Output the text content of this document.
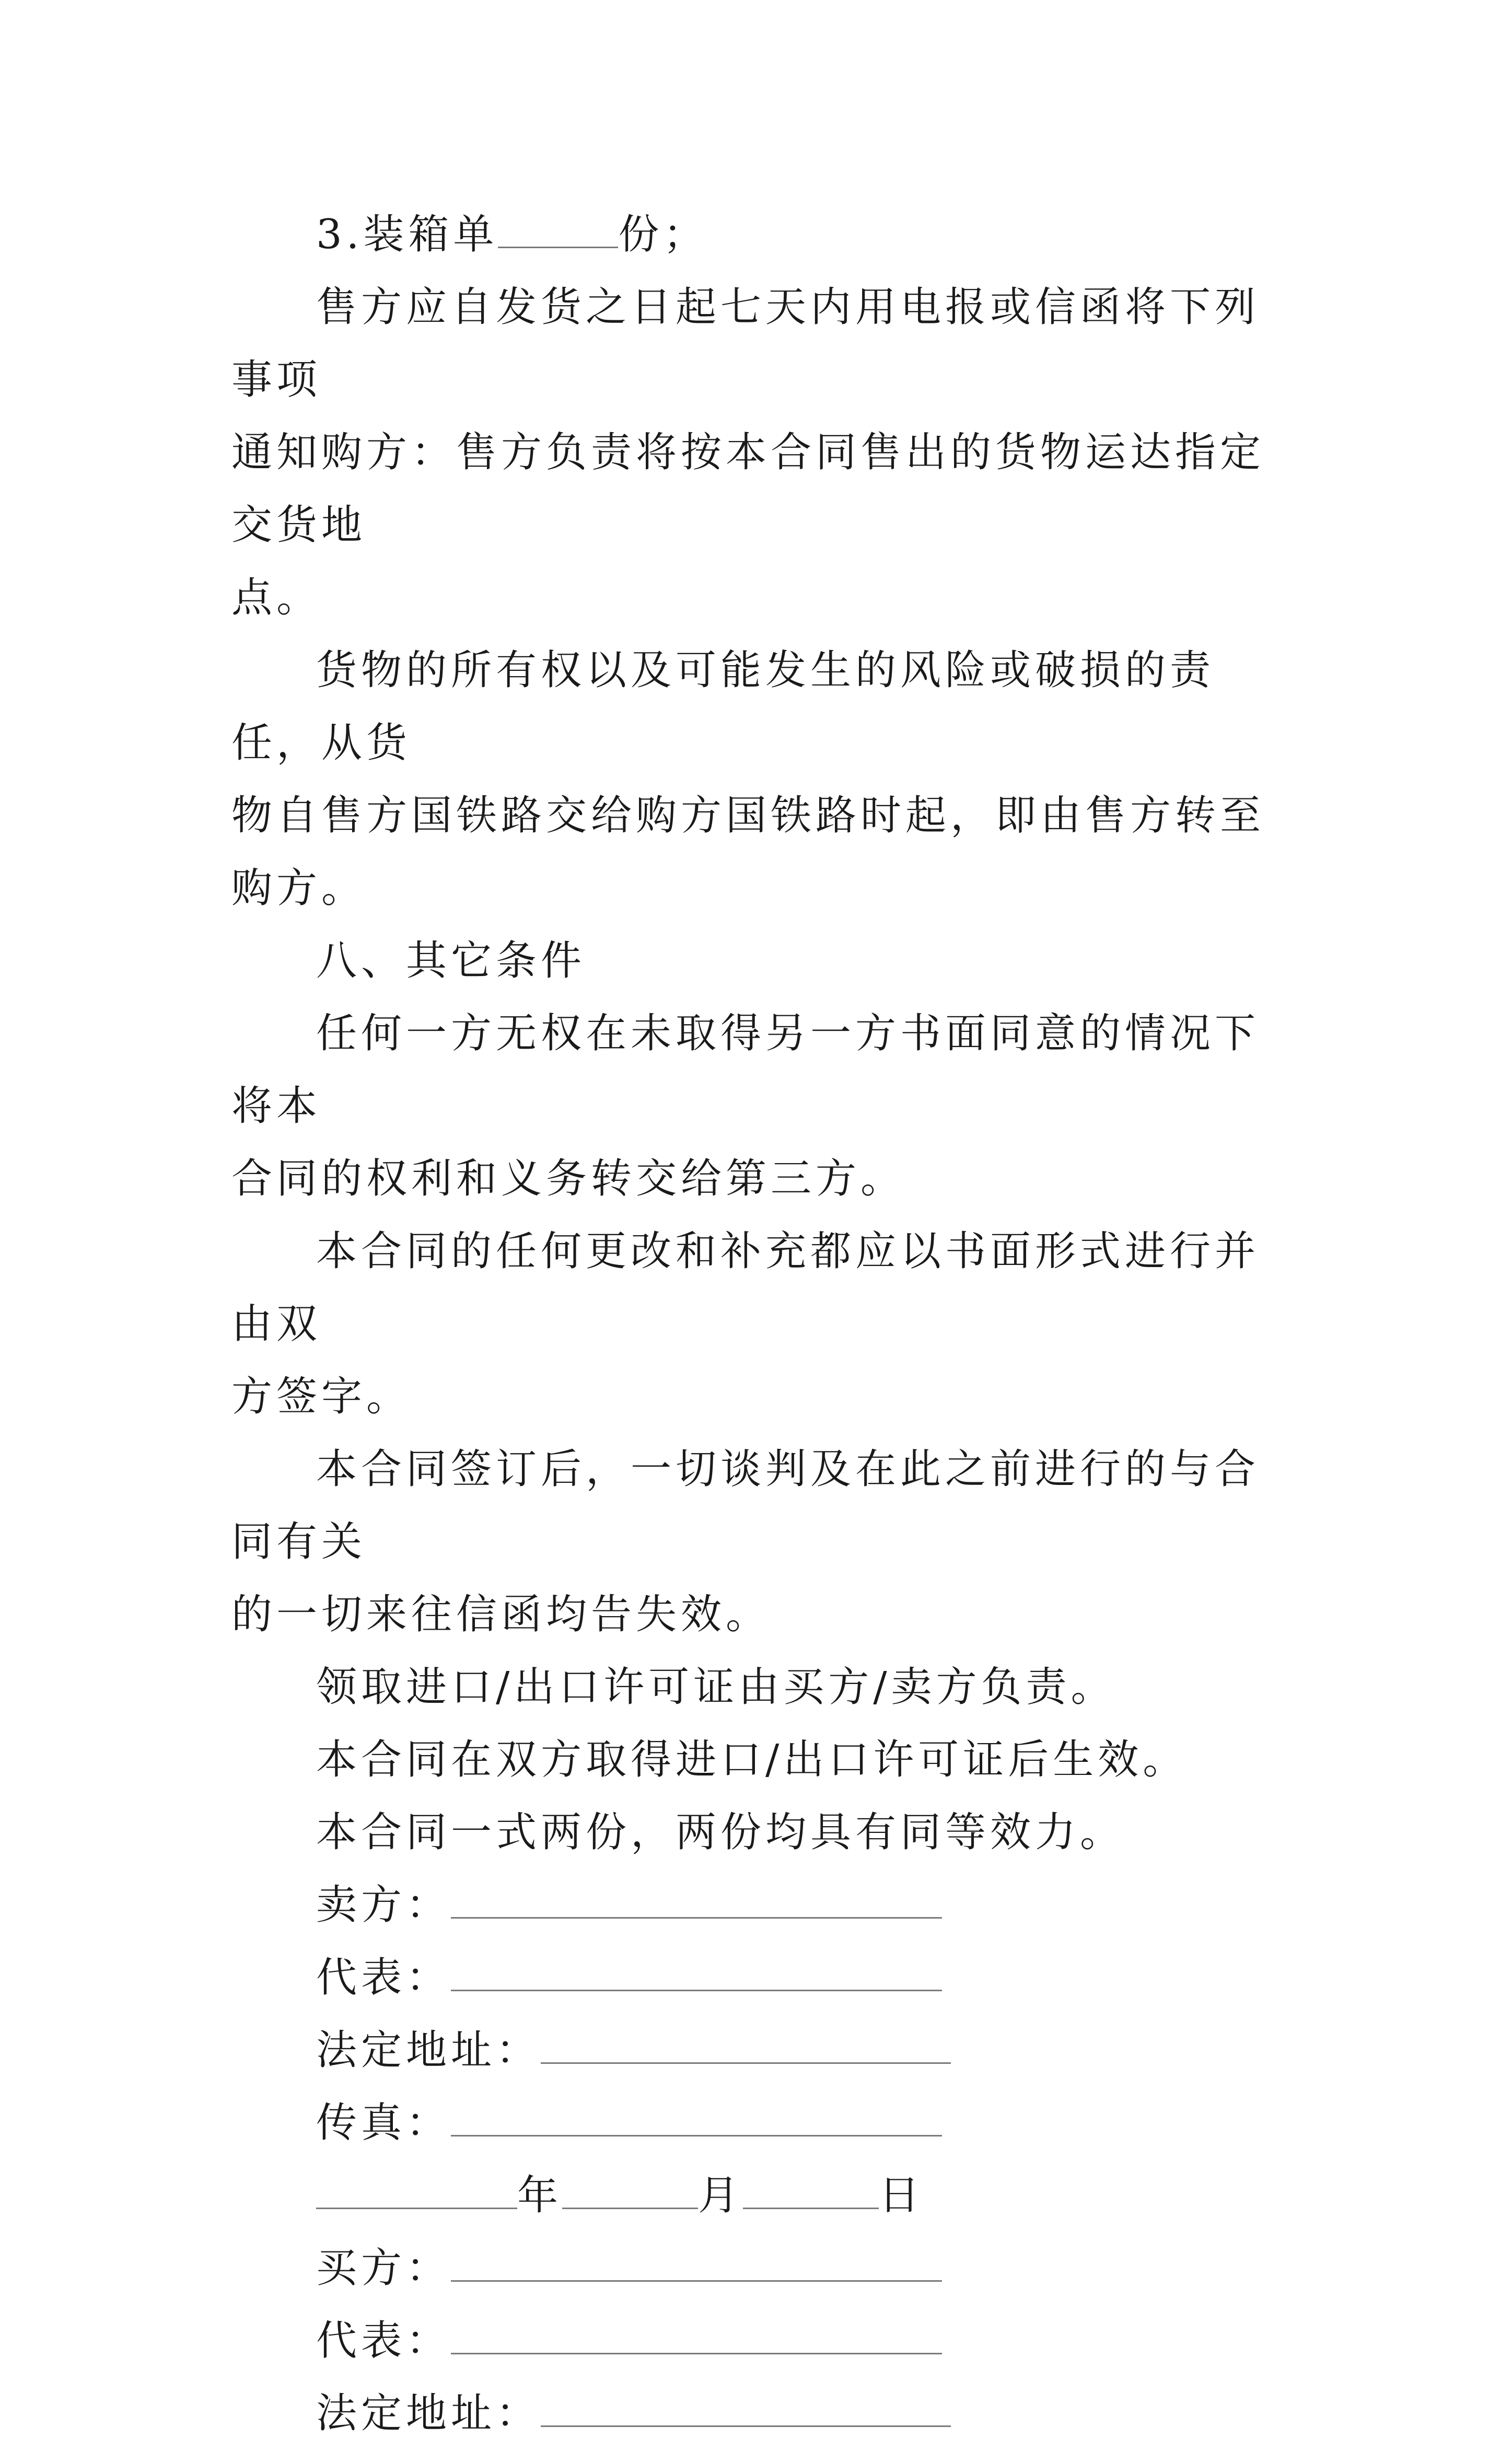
3.装箱单	份；

售方应自发货之日起七天内用电报或信函将下列事项

通知购方：售方负责将按本合同售出的货物运达指定交货地
点。

货物的所有权以及可能发生的风险或破损的责任，从货

物自售方国铁路交给购方国铁路时起，即由售方转至购方。

八、其它条件

任何一方无权在未取得另一方书面同意的情况下将本

合同的权利和义务转交给第三方。

本合同的任何更改和补充都应以书面形式进行并由双

方签字。

本合同签订后，一切谈判及在此之前进行的与合同有关

的一切来往信函均告失效。

领取进口/出口许可证由买方/卖方负责。

本合同在双方取得进口/出口许可证后生效。

本合同一式两份，两份均具有同等效力。

卖方：
代表：
法定地址：
传真：
年	月	日
买方：
代表：
法定地址：
